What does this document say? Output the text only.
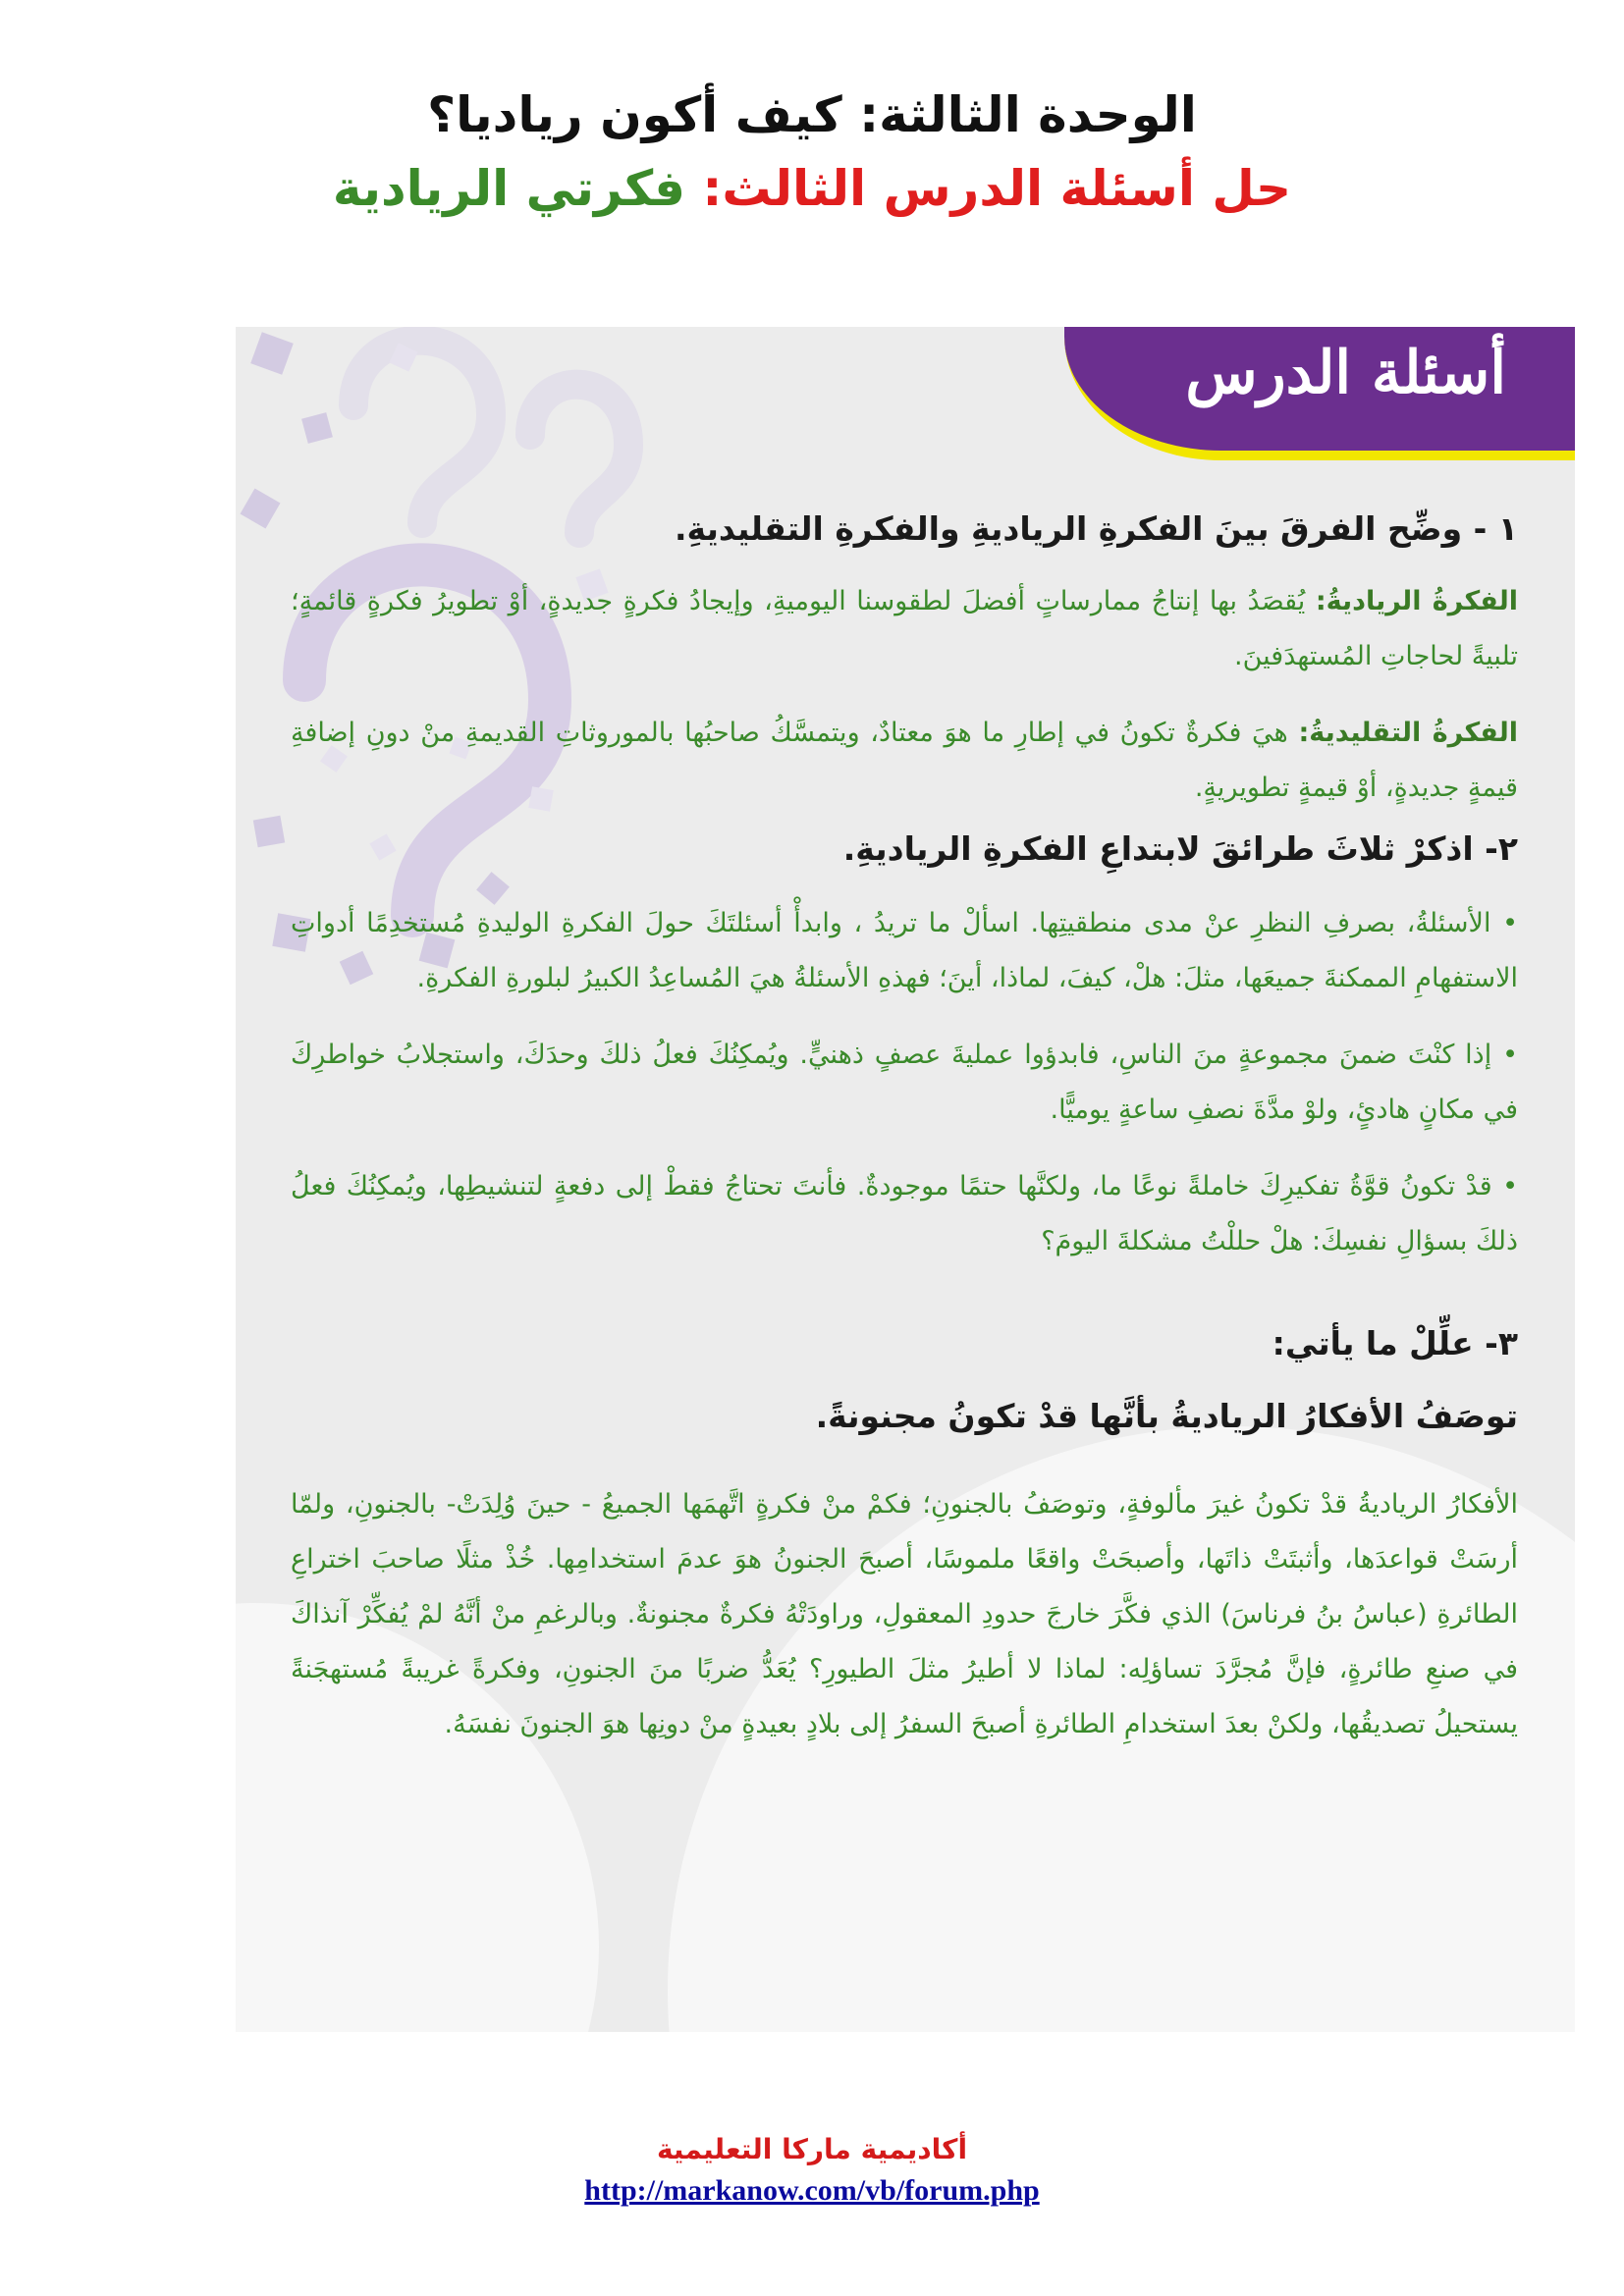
الوحدة الثالثة: كيف أكون رياديا؟
حل أسئلة الدرس الثالث: فكرتي الريادية
أسئلة الدرس

١ - وضِّح الفرقَ بينَ الفكرةِ الرياديةِ والفكرةِ التقليديةِ.

الفكرةُ الرياديةُ: يُقصَدُ بها إنتاجُ ممارساتٍ أفضلَ لطقوسنا اليوميةِ، وإيجادُ فكرةٍ جديدةٍ، أوْ تطويرُ فكرةٍ قائمةٍ؛ تلبيةً لحاجاتِ المُستهدَفينَ.

الفكرةُ التقليديةُ: هيَ فكرةٌ تكونُ في إطارِ ما هوَ معتادٌ، ويتمسَّكُ صاحبُها بالموروثاتِ القديمةِ منْ دونِ إضافةِ قيمةٍ جديدةٍ، أوْ قيمةٍ تطويريةٍ.

٢- اذكرْ ثلاثَ طرائقَ لابتداعِ الفكرةِ الرياديةِ.

• الأسئلةُ، بصرفِ النظرِ عنْ مدى منطقيتِها. اسألْ ما تريدُ ، وابدأْ أسئلتَكَ حولَ الفكرةِ الوليدةِ مُستخدِمًا أدواتِ الاستفهامِ الممكنةَ جميعَها، مثلَ: هلْ، كيفَ، لماذا، أينَ؛ فهذهِ الأسئلةُ هيَ المُساعِدُ الكبيرُ لبلورةِ الفكرةِ.

• إذا كنْتَ ضمنَ مجموعةٍ منَ الناسِ، فابدؤوا عمليةَ عصفٍ ذهنيٍّ. ويُمكِنُكَ فعلُ ذلكَ وحدَكَ، واستجلابُ خواطرِكَ في مكانٍ هادئٍ، ولوْ مدَّةَ نصفِ ساعةٍ يوميًّا.

• قدْ تكونُ قوَّةُ تفكيرِكَ خاملةً نوعًا ما، ولكنَّها حتمًا موجودةٌ. فأنتَ تحتاجُ فقطْ إلى دفعةٍ لتنشيطِها، ويُمكِنُكَ فعلُ ذلكَ بسؤالِ نفسِكَ: هلْ حللْتُ مشكلةَ اليومَ؟

٣- علِّلْ ما يأتي:

توصَفُ الأفكارُ الرياديةُ بأنَّها قدْ تكونُ مجنونةً.

الأفكارُ الرياديةُ قدْ تكونُ غيرَ مألوفةٍ، وتوصَفُ بالجنونِ؛ فكمْ منْ فكرةٍ اتَّهمَها الجميعُ - حينَ وُلِدَتْ- بالجنونِ، ولمّا أرسَتْ قواعدَها، وأثبتَتْ ذاتَها، وأصبحَتْ واقعًا ملموسًا، أصبحَ الجنونُ هوَ عدمَ استخدامِها. خُذْ مثلًا صاحبَ اختراعِ الطائرةِ (عباسُ بنُ فرناسَ) الذي فكَّرَ خارجَ حدودِ المعقولِ، وراودَتْهُ فكرةٌ مجنونةٌ. وبالرغمِ منْ أنَّهُ لمْ يُفكِّرْ آنذاكَ في صنعِ طائرةٍ، فإنَّ مُجرَّدَ تساؤلِه: لماذا لا أطيرُ مثلَ الطيورِ؟ يُعَدُّ ضربًا منَ الجنونِ، وفكرةً غريبةً مُستهجَنةً يستحيلُ تصديقُها، ولكنْ بعدَ استخدامِ الطائرةِ أصبحَ السفرُ إلى بلادٍ بعيدةٍ منْ دونِها هوَ الجنونَ نفسَهُ.

أكاديمية ماركا التعليمية
http://markanow.com/vb/forum.php
